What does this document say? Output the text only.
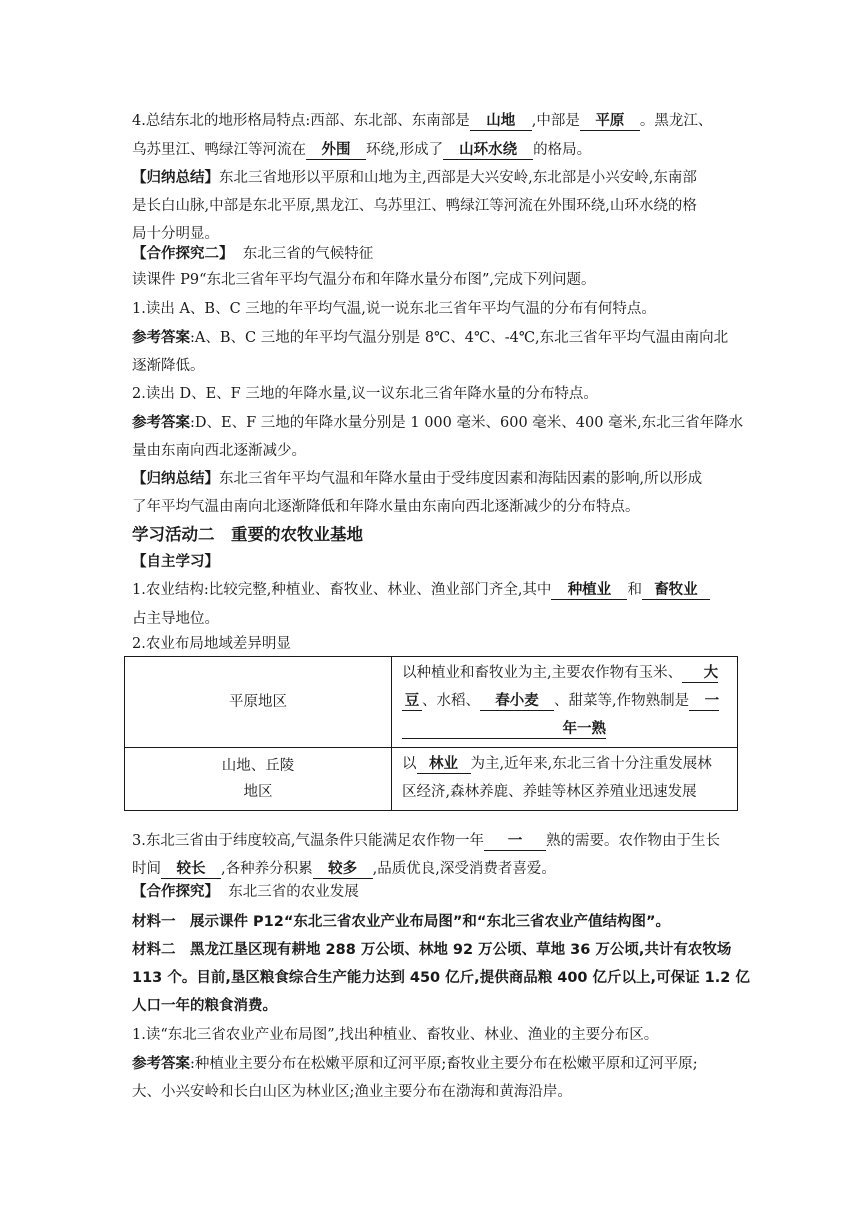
4.总结东北的地形格局特点:西部、东北部、东南部是 山地 ,中部是 平原 。黑龙江、
乌苏里江、鸭绿江等河流在 外围 环绕,形成了 山环水绕 的格局。
【归纳总结】东北三省地形以平原和山地为主,西部是大兴安岭,东北部是小兴安岭,东南部
是长白山脉,中部是东北平原,黑龙江、乌苏里江、鸭绿江等河流在外围环绕,山环水绕的格
局十分明显。
【合作探究二】 东北三省的气候特征
读课件 P9“东北三省年平均气温分布和年降水量分布图”,完成下列问题。
1.读出 A、B、C 三地的年平均气温,说一说东北三省年平均气温的分布有何特点。
参考答案:A、B、C 三地的年平均气温分别是 8℃、4℃、-4℃,东北三省年平均气温由南向北
逐渐降低。
2.读出 D、E、F 三地的年降水量,议一议东北三省年降水量的分布特点。
参考答案:D、E、F 三地的年降水量分别是 1 000 毫米、600 毫米、400 毫米,东北三省年降水
量由东南向西北逐渐减少。
【归纳总结】东北三省年平均气温和年降水量由于受纬度因素和海陆因素的影响,所以形成
了年平均气温由南向北逐渐降低和年降水量由东南向西北逐渐减少的分布特点。
学习活动二　重要的农牧业基地
【自主学习】
1.农业结构:比较完整,种植业、畜牧业、林业、渔业部门齐全,其中 种植业 和 畜牧业
占主导地位。
2.农业布局地域差异明显
平原地区	以种植业和畜牧业为主,主要农作物有玉米、 大
豆 、水稻、 春小麦 、甜菜等,作物熟制是 一
年一熟
山地、丘陵
地区	以 林业 为主,近年来,东北三省十分注重发展林
区经济,森林养鹿、养蛙等林区养殖业迅速发展
3.东北三省由于纬度较高,气温条件只能满足农作物一年 一 熟的需要。农作物由于生长
时间 较长 ,各种养分积累 较多 ,品质优良,深受消费者喜爱。
【合作探究】 东北三省的农业发展
材料一　展示课件 P12“东北三省农业产业布局图”和“东北三省农业产值结构图”。
材料二　黑龙江垦区现有耕地 288 万公顷、林地 92 万公顷、草地 36 万公顷,共计有农牧场
113 个。目前,垦区粮食综合生产能力达到 450 亿斤,提供商品粮 400 亿斤以上,可保证 1.2 亿
人口一年的粮食消费。
1.读“东北三省农业产业布局图”,找出种植业、畜牧业、林业、渔业的主要分布区。
参考答案:种植业主要分布在松嫩平原和辽河平原;畜牧业主要分布在松嫩平原和辽河平原;
大、小兴安岭和长白山区为林业区;渔业主要分布在渤海和黄海沿岸。
